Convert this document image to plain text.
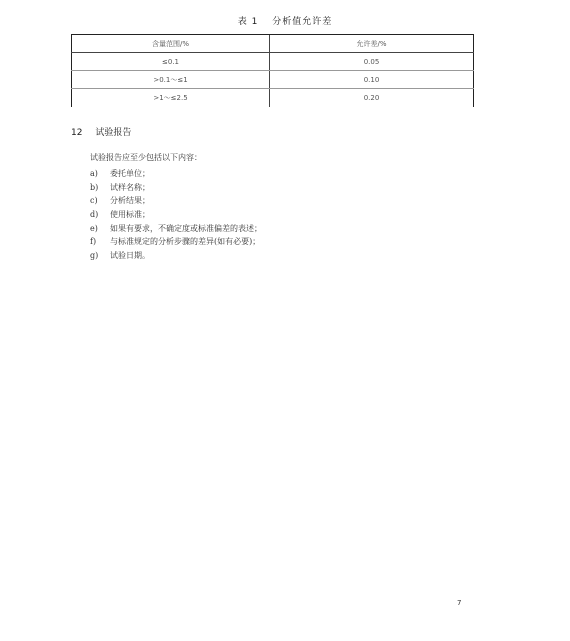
表 1 分析值允许差
含量范围/%	允许差/%
≤0.1	0.05
>0.1～≤1	0.10
>1～≤2.5	0.20
12 试验报告
试验报告应至少包括以下内容：
a) 委托单位；
b) 试样名称；
c) 分析结果；
d) 使用标准；
e) 如果有要求，不确定度或标准偏差的表述；
f) 与标准规定的分析步骤的差异(如有必要)；
g) 试验日期。
7
